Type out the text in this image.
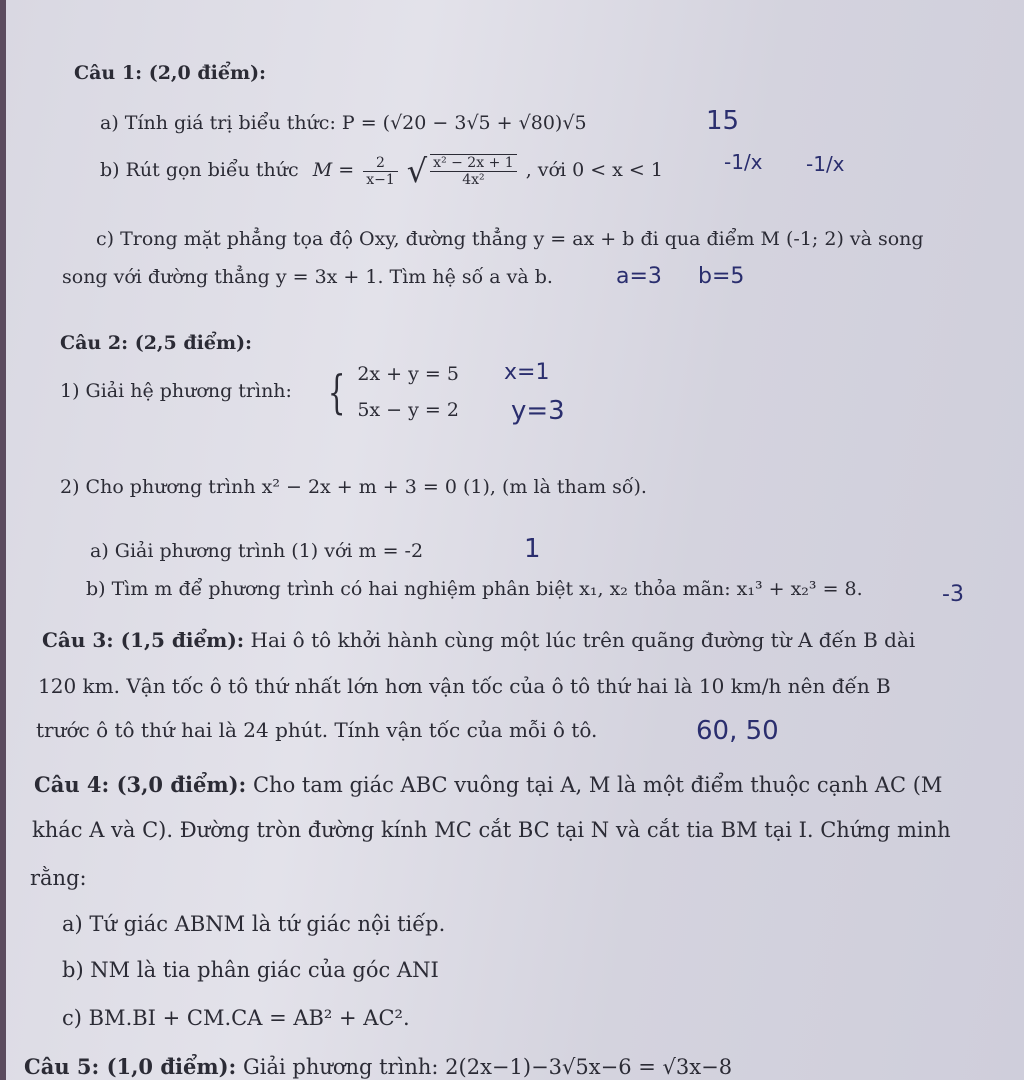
Câu 1: (2,0 điểm):
a) Tính giá trị biểu thức: P = (√20 − 3√5 + √80)√5	15
b) Rút gọn biểu thức $M = \frac{2}{x-1}$ √ $\frac{\text{x² − 2x + 1}}{\text{4x²}}$ , với 0 < x < 1	-1/x -1/x
c) Trong mặt phẳng tọa độ Oxy, đường thẳng y = ax + b đi qua điểm M (-1; 2) và song
song với đường thẳng y = 3x + 1. Tìm hệ số a và b.	a=3 b=5
Câu 2: (2,5 điểm):
1) Giải hệ phương trình: { 2x + y = 5
5x − y = 2
x=1
y=3
2) Cho phương trình x² − 2x + m + 3 = 0 (1), (m là tham số).
a) Giải phương trình (1) với m = -2	1
b) Tìm m để phương trình có hai nghiệm phân biệt x₁, x₂ thỏa mãn: x₁³ + x₂³ = 8.	-3
Câu 3: (1,5 điểm): Hai ô tô khởi hành cùng một lúc trên quãng đường từ A đến B dài
120 km. Vận tốc ô tô thứ nhất lớn hơn vận tốc của ô tô thứ hai là 10 km/h nên đến B
trước ô tô thứ hai là 24 phút. Tính vận tốc của mỗi ô tô.	60, 50
Câu 4: (3,0 điểm): Cho tam giác ABC vuông tại A, M là một điểm thuộc cạnh AC (M
khác A và C). Đường tròn đường kính MC cắt BC tại N và cắt tia BM tại I. Chứng minh
rằng:
a) Tứ giác ABNM là tứ giác nội tiếp.
b) NM là tia phân giác của góc ANI
c) BM.BI + CM.CA = AB² + AC².
Câu 5: (1,0 điểm): Giải phương trình: 2(2x−1)−3√5x−6 = √3x−8
